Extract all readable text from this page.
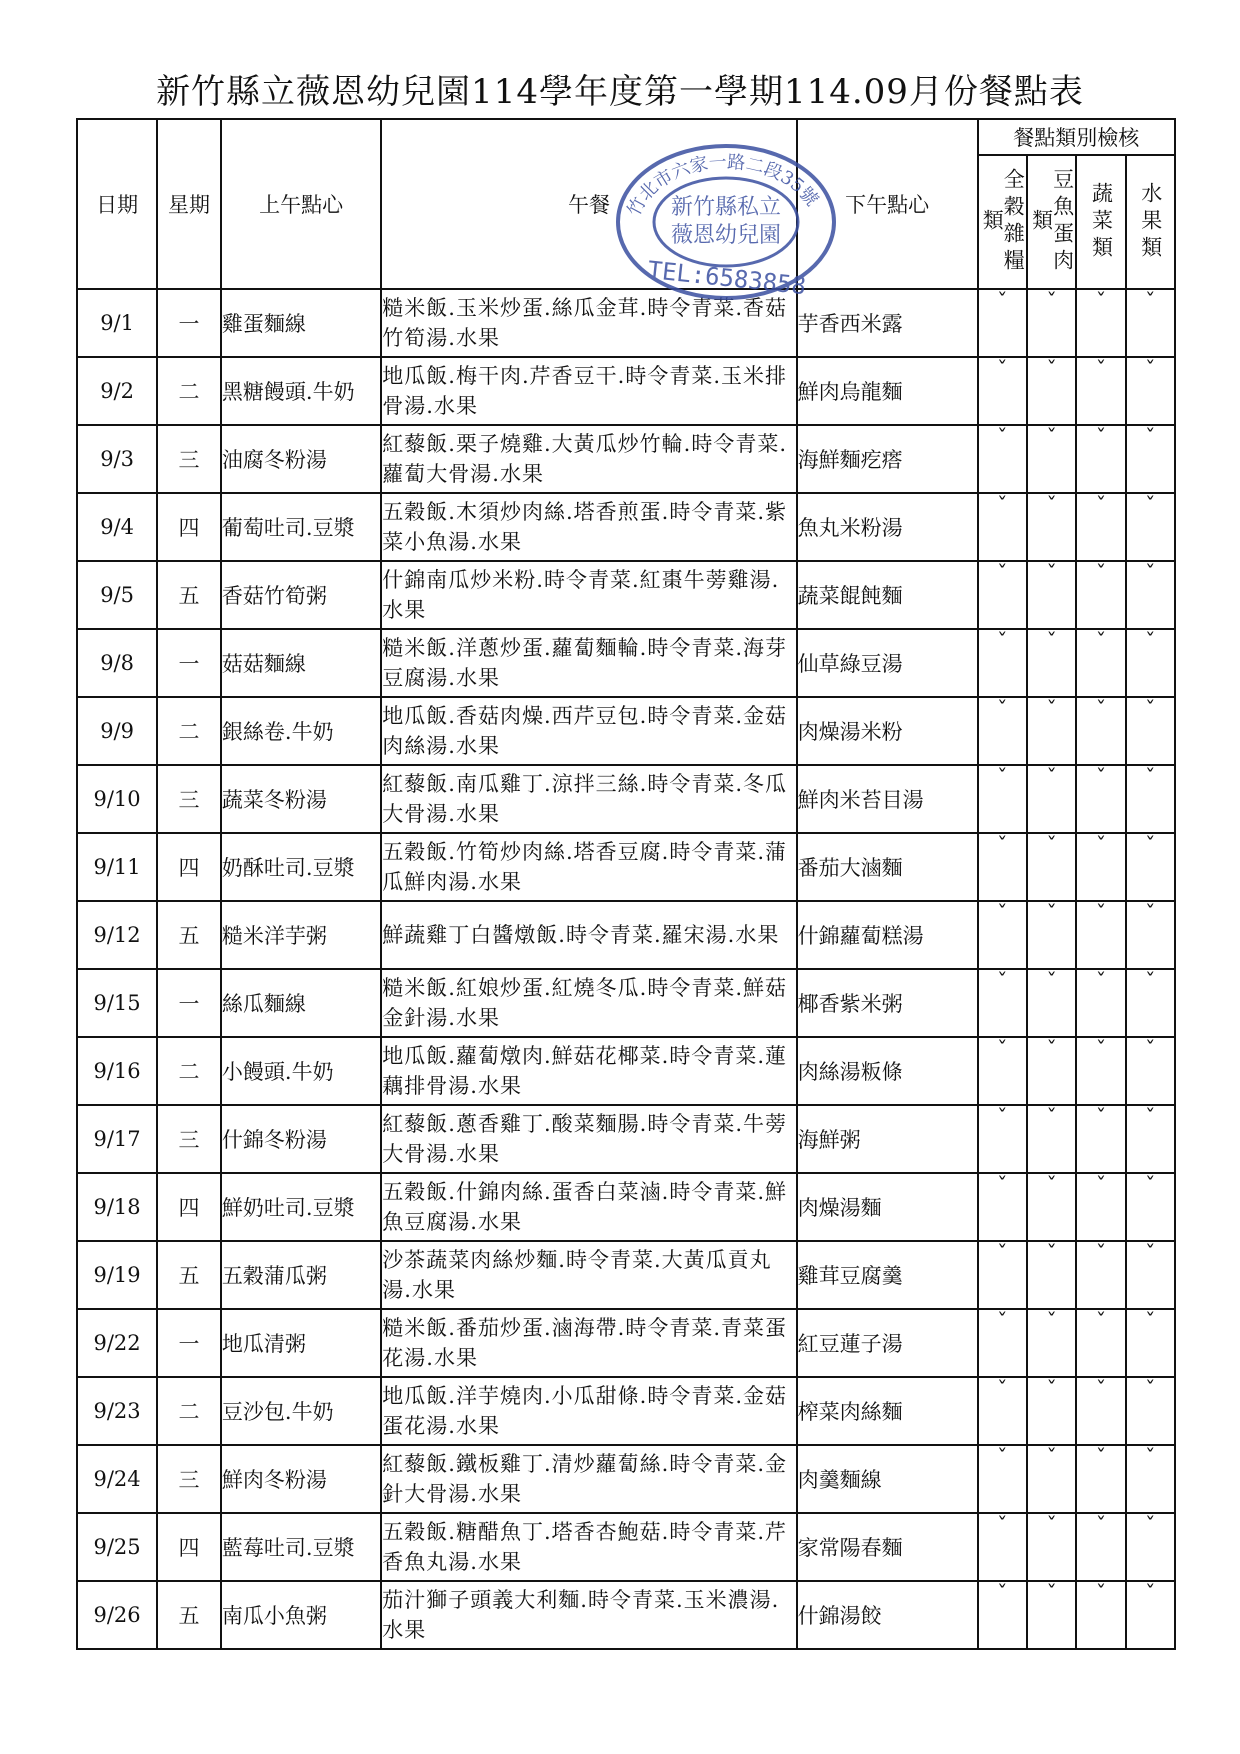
新竹縣立薇恩幼兒園114學年度第一學期114.09月份餐點表
日期	星期	上午點心	午餐	下午點心	餐點類別檢核			

					全穀雜糧類	豆魚蛋肉類	蔬菜類	水果類

9/1	一	雞蛋麵線	糙米飯.玉米炒蛋.絲瓜金茸.時令青菜.香菇竹筍湯.水果	芋香西米露	ˇ	ˇ	ˇ	ˇ
9/2	二	黑糖饅頭.牛奶	地瓜飯.梅干肉.芹香豆干.時令青菜.玉米排骨湯.水果	鮮肉烏龍麵	ˇ	ˇ	ˇ	ˇ
9/3	三	油腐冬粉湯	紅藜飯.栗子燒雞.大黃瓜炒竹輪.時令青菜.蘿蔔大骨湯.水果	海鮮麵疙瘩	ˇ	ˇ	ˇ	ˇ
9/4	四	葡萄吐司.豆漿	五穀飯.木須炒肉絲.塔香煎蛋.時令青菜.紫菜小魚湯.水果	魚丸米粉湯	ˇ	ˇ	ˇ	ˇ
9/5	五	香菇竹筍粥	什錦南瓜炒米粉.時令青菜.紅棗牛蒡雞湯.水果	蔬菜餛飩麵	ˇ	ˇ	ˇ	ˇ
9/8	一	菇菇麵線	糙米飯.洋蔥炒蛋.蘿蔔麵輪.時令青菜.海芽豆腐湯.水果	仙草綠豆湯	ˇ	ˇ	ˇ	ˇ
9/9	二	銀絲卷.牛奶	地瓜飯.香菇肉燥.西芹豆包.時令青菜.金菇肉絲湯.水果	肉燥湯米粉	ˇ	ˇ	ˇ	ˇ
9/10	三	蔬菜冬粉湯	紅藜飯.南瓜雞丁.涼拌三絲.時令青菜.冬瓜大骨湯.水果	鮮肉米苔目湯	ˇ	ˇ	ˇ	ˇ
9/11	四	奶酥吐司.豆漿	五穀飯.竹筍炒肉絲.塔香豆腐.時令青菜.蒲瓜鮮肉湯.水果	番茄大滷麵	ˇ	ˇ	ˇ	ˇ
9/12	五	糙米洋芋粥	鮮蔬雞丁白醬燉飯.時令青菜.羅宋湯.水果	什錦蘿蔔糕湯	ˇ	ˇ	ˇ	ˇ
9/15	一	絲瓜麵線	糙米飯.紅娘炒蛋.紅燒冬瓜.時令青菜.鮮菇金針湯.水果	椰香紫米粥	ˇ	ˇ	ˇ	ˇ
9/16	二	小饅頭.牛奶	地瓜飯.蘿蔔燉肉.鮮菇花椰菜.時令青菜.蓮藕排骨湯.水果	肉絲湯粄條	ˇ	ˇ	ˇ	ˇ
9/17	三	什錦冬粉湯	紅藜飯.蔥香雞丁.酸菜麵腸.時令青菜.牛蒡大骨湯.水果	海鮮粥	ˇ	ˇ	ˇ	ˇ
9/18	四	鮮奶吐司.豆漿	五穀飯.什錦肉絲.蛋香白菜滷.時令青菜.鮮魚豆腐湯.水果	肉燥湯麵	ˇ	ˇ	ˇ	ˇ
9/19	五	五穀蒲瓜粥	沙茶蔬菜肉絲炒麵.時令青菜.大黃瓜貢丸湯.水果	雞茸豆腐羹	ˇ	ˇ	ˇ	ˇ
9/22	一	地瓜清粥	糙米飯.番茄炒蛋.滷海帶.時令青菜.青菜蛋花湯.水果	紅豆蓮子湯	ˇ	ˇ	ˇ	ˇ
9/23	二	豆沙包.牛奶	地瓜飯.洋芋燒肉.小瓜甜條.時令青菜.金菇蛋花湯.水果	榨菜肉絲麵	ˇ	ˇ	ˇ	ˇ
9/24	三	鮮肉冬粉湯	紅藜飯.鐵板雞丁.清炒蘿蔔絲.時令青菜.金針大骨湯.水果	肉羹麵線	ˇ	ˇ	ˇ	ˇ
9/25	四	藍莓吐司.豆漿	五穀飯.糖醋魚丁.塔香杏鮑菇.時令青菜.芹香魚丸湯.水果	家常陽春麵	ˇ	ˇ	ˇ	ˇ
9/26	五	南瓜小魚粥	茄汁獅子頭義大利麵.時令青菜.玉米濃湯.水果	什錦湯餃	ˇ	ˇ	ˇ	ˇ
竹北市六家一路二段35號
新竹縣私立
薇恩幼兒園
TEL:6583858
